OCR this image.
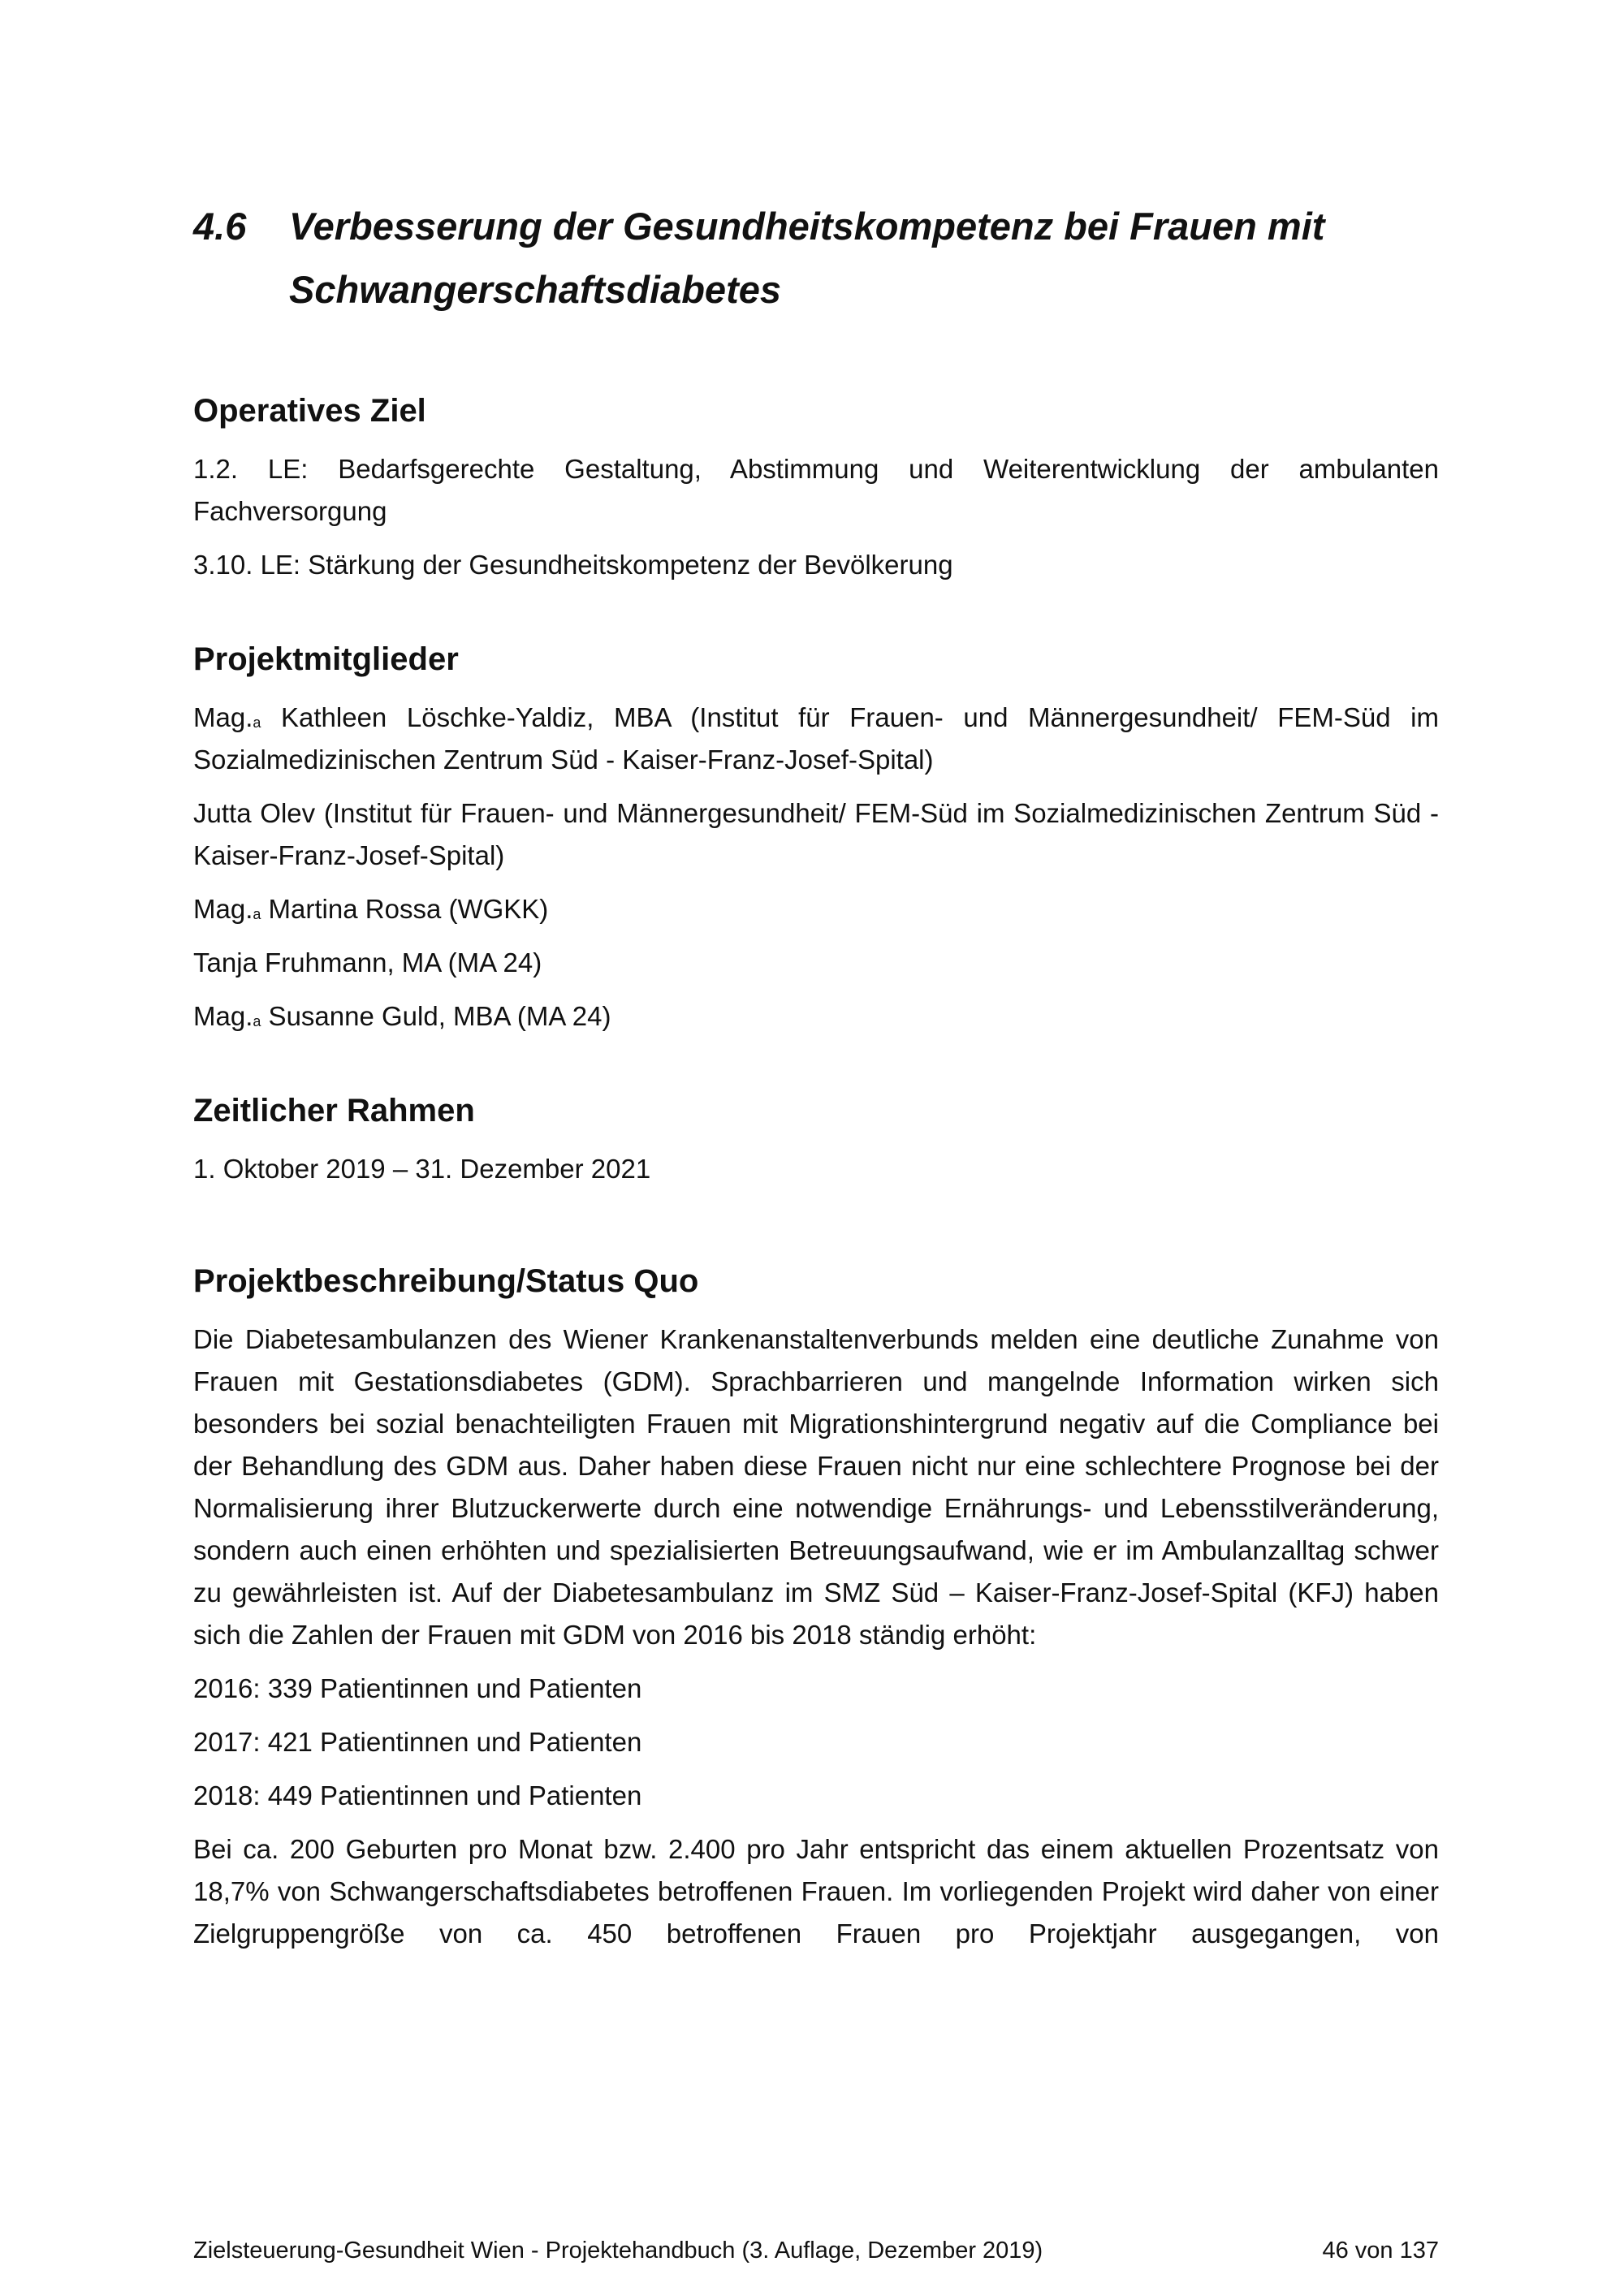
4.6	Verbesserung der Gesundheitskompetenz bei Frauen mit
Schwangerschaftsdiabetes
Operatives Ziel

1.2. LE: Bedarfsgerechte Gestaltung, Abstimmung und Weiterentwicklung der ambulanten Fachversorgung

3.10. LE: Stärkung der Gesundheitskompetenz der Bevölkerung

Projektmitglieder

Mag.$^a$ Kathleen Löschke-Yaldiz, MBA (Institut für Frauen- und Männergesundheit/ FEM-Süd im Sozialmedizinischen Zentrum Süd - Kaiser-Franz-Josef-Spital)

Jutta Olev (Institut für Frauen- und Männergesundheit/ FEM-Süd im Sozialmedizinischen Zentrum Süd - Kaiser-Franz-Josef-Spital)

Mag.$^a$ Martina Rossa (WGKK)

Tanja Fruhmann, MA (MA 24)

Mag.$^a$ Susanne Guld, MBA (MA 24)

Zeitlicher Rahmen

1. Oktober 2019 – 31. Dezember 2021

Projektbeschreibung/Status Quo

Die Diabetesambulanzen des Wiener Krankenanstaltenverbunds melden eine deutliche Zunahme von Frauen mit Gestationsdiabetes (GDM). Sprachbarrieren und mangelnde Information wirken sich besonders bei sozial benachteiligten Frauen mit Migrationshintergrund negativ auf die Compliance bei der Behandlung des GDM aus. Daher haben diese Frauen nicht nur eine schlechtere Prognose bei der Normalisierung ihrer Blutzuckerwerte durch eine notwendige Ernährungs- und Lebensstilveränderung, sondern auch einen erhöhten und spezialisierten Betreuungsaufwand, wie er im Ambulanzalltag schwer zu gewährleisten ist. Auf der Diabetesambulanz im SMZ Süd – Kaiser-Franz-Josef-Spital (KFJ) haben sich die Zahlen der Frauen mit GDM von 2016 bis 2018 ständig erhöht:

2016: 339 Patientinnen und Patienten

2017: 421 Patientinnen und Patienten

2018: 449 Patientinnen und Patienten

Bei ca. 200 Geburten pro Monat bzw. 2.400 pro Jahr entspricht das einem aktuellen Prozentsatz von 18,7% von Schwangerschaftsdiabetes betroffenen Frauen. Im vorliegenden Projekt wird daher von einer Zielgruppengröße von ca. 450 betroffenen Frauen pro Projektjahr ausgegangen, von

Zielsteuerung-Gesundheit Wien - Projektehandbuch (3. Auflage, Dezember 2019)	46 von 137
